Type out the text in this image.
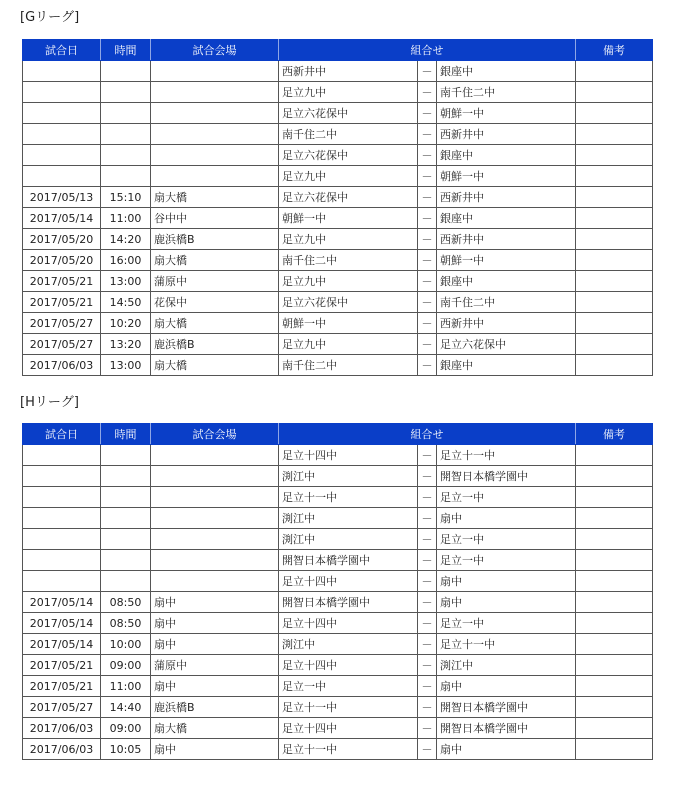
[Gリーグ]
試合日	時間	試合会場	組合せ			備考
			西新井中	－	銀座中	
			足立九中	－	南千住二中	
			足立六花保中	－	朝鮮一中	
			南千住二中	－	西新井中	
			足立六花保中	－	銀座中	
			足立九中	－	朝鮮一中	
2017/05/13	15:10	扇大橋	足立六花保中	－	西新井中	
2017/05/14	11:00	谷中中	朝鮮一中	－	銀座中	
2017/05/20	14:20	鹿浜橋B	足立九中	－	西新井中	
2017/05/20	16:00	扇大橋	南千住二中	－	朝鮮一中	
2017/05/21	13:00	蒲原中	足立九中	－	銀座中	
2017/05/21	14:50	花保中	足立六花保中	－	南千住二中	
2017/05/27	10:20	扇大橋	朝鮮一中	－	西新井中	
2017/05/27	13:20	鹿浜橋B	足立九中	－	足立六花保中	
2017/06/03	13:00	扇大橋	南千住二中	－	銀座中	
[Hリーグ]
試合日	時間	試合会場	組合せ			備考
			足立十四中	－	足立十一中	
			渕江中	－	開智日本橋学園中	
			足立十一中	－	足立一中	
			渕江中	－	扇中	
			渕江中	－	足立一中	
			開智日本橋学園中	－	足立一中	
			足立十四中	－	扇中	
2017/05/14	08:50	扇中	開智日本橋学園中	－	扇中	
2017/05/14	08:50	扇中	足立十四中	－	足立一中	
2017/05/14	10:00	扇中	渕江中	－	足立十一中	
2017/05/21	09:00	蒲原中	足立十四中	－	渕江中	
2017/05/21	11:00	扇中	足立一中	－	扇中	
2017/05/27	14:40	鹿浜橋B	足立十一中	－	開智日本橋学園中	
2017/06/03	09:00	扇大橋	足立十四中	－	開智日本橋学園中	
2017/06/03	10:05	扇中	足立十一中	－	扇中	
